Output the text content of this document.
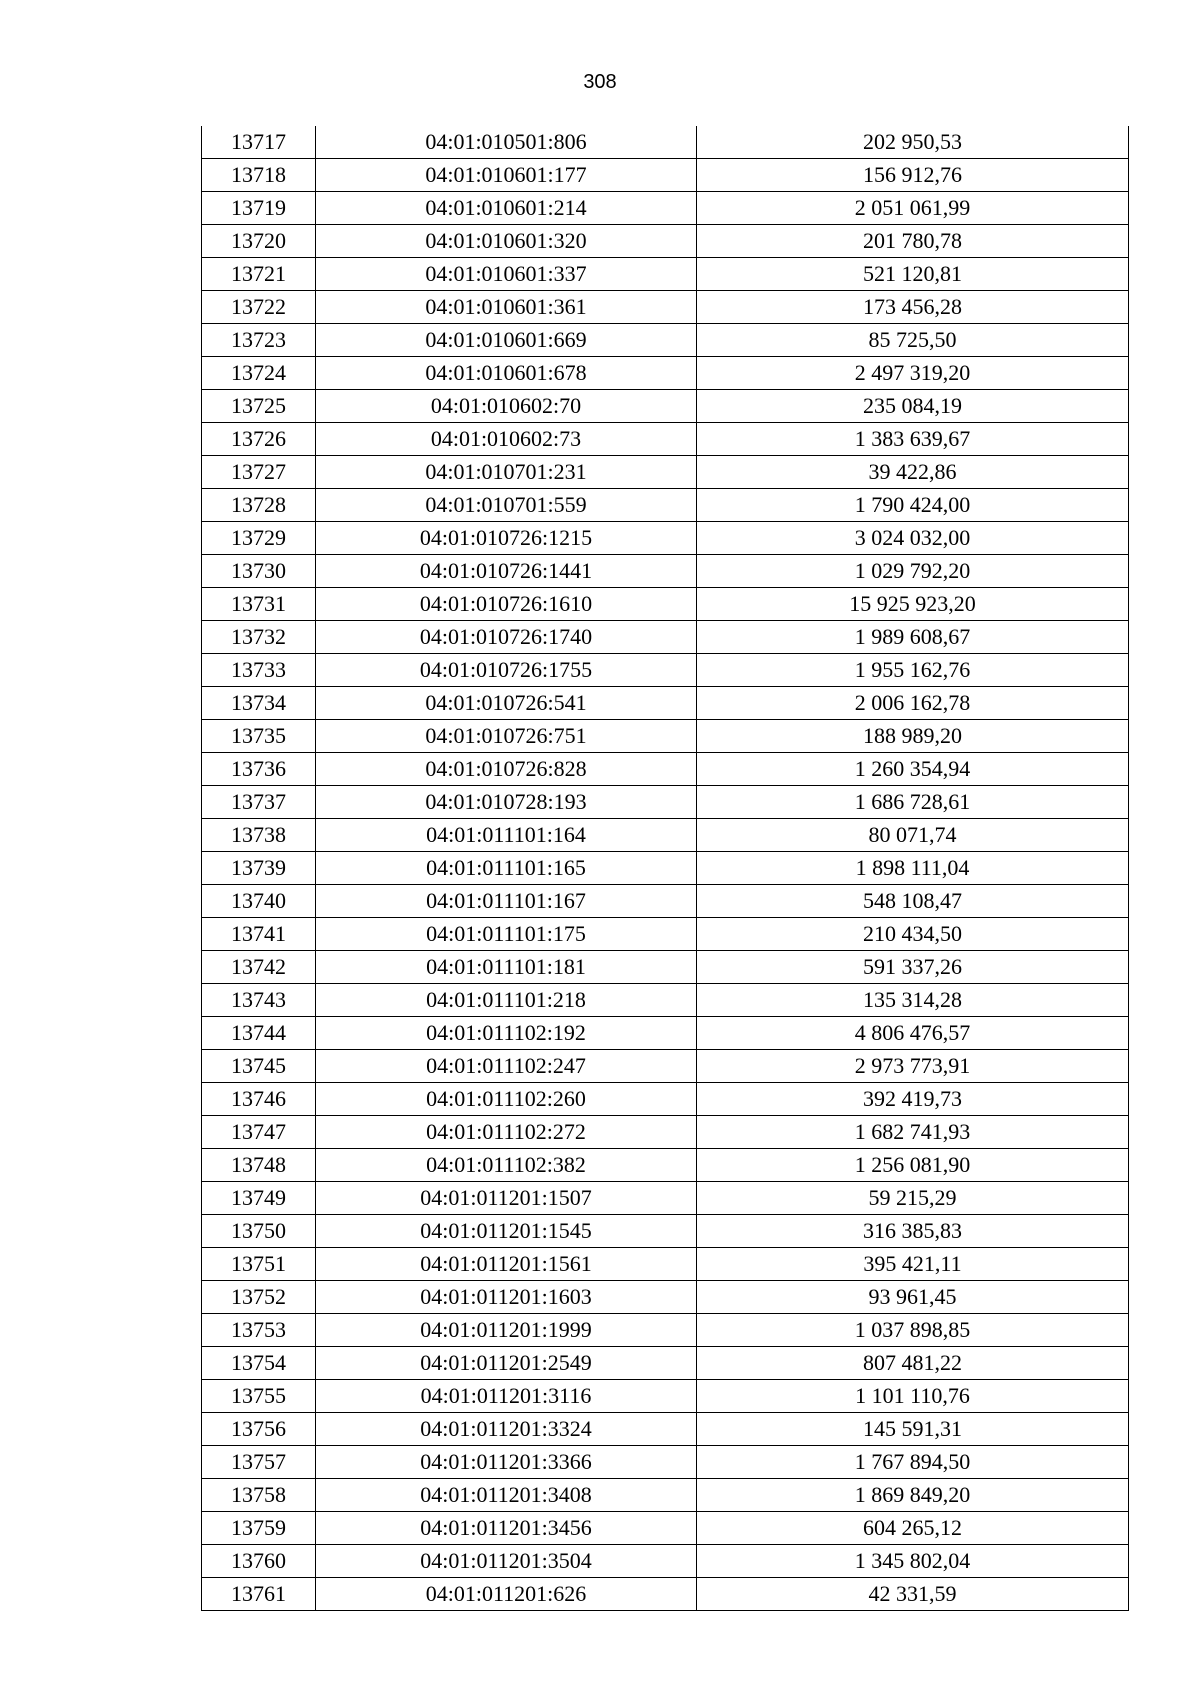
308
13717	04:01:010501:806	202 950,53
13718	04:01:010601:177	156 912,76
13719	04:01:010601:214	2 051 061,99
13720	04:01:010601:320	201 780,78
13721	04:01:010601:337	521 120,81
13722	04:01:010601:361	173 456,28
13723	04:01:010601:669	85 725,50
13724	04:01:010601:678	2 497 319,20
13725	04:01:010602:70	235 084,19
13726	04:01:010602:73	1 383 639,67
13727	04:01:010701:231	39 422,86
13728	04:01:010701:559	1 790 424,00
13729	04:01:010726:1215	3 024 032,00
13730	04:01:010726:1441	1 029 792,20
13731	04:01:010726:1610	15 925 923,20
13732	04:01:010726:1740	1 989 608,67
13733	04:01:010726:1755	1 955 162,76
13734	04:01:010726:541	2 006 162,78
13735	04:01:010726:751	188 989,20
13736	04:01:010726:828	1 260 354,94
13737	04:01:010728:193	1 686 728,61
13738	04:01:011101:164	80 071,74
13739	04:01:011101:165	1 898 111,04
13740	04:01:011101:167	548 108,47
13741	04:01:011101:175	210 434,50
13742	04:01:011101:181	591 337,26
13743	04:01:011101:218	135 314,28
13744	04:01:011102:192	4 806 476,57
13745	04:01:011102:247	2 973 773,91
13746	04:01:011102:260	392 419,73
13747	04:01:011102:272	1 682 741,93
13748	04:01:011102:382	1 256 081,90
13749	04:01:011201:1507	59 215,29
13750	04:01:011201:1545	316 385,83
13751	04:01:011201:1561	395 421,11
13752	04:01:011201:1603	93 961,45
13753	04:01:011201:1999	1 037 898,85
13754	04:01:011201:2549	807 481,22
13755	04:01:011201:3116	1 101 110,76
13756	04:01:011201:3324	145 591,31
13757	04:01:011201:3366	1 767 894,50
13758	04:01:011201:3408	1 869 849,20
13759	04:01:011201:3456	604 265,12
13760	04:01:011201:3504	1 345 802,04
13761	04:01:011201:626	42 331,59
